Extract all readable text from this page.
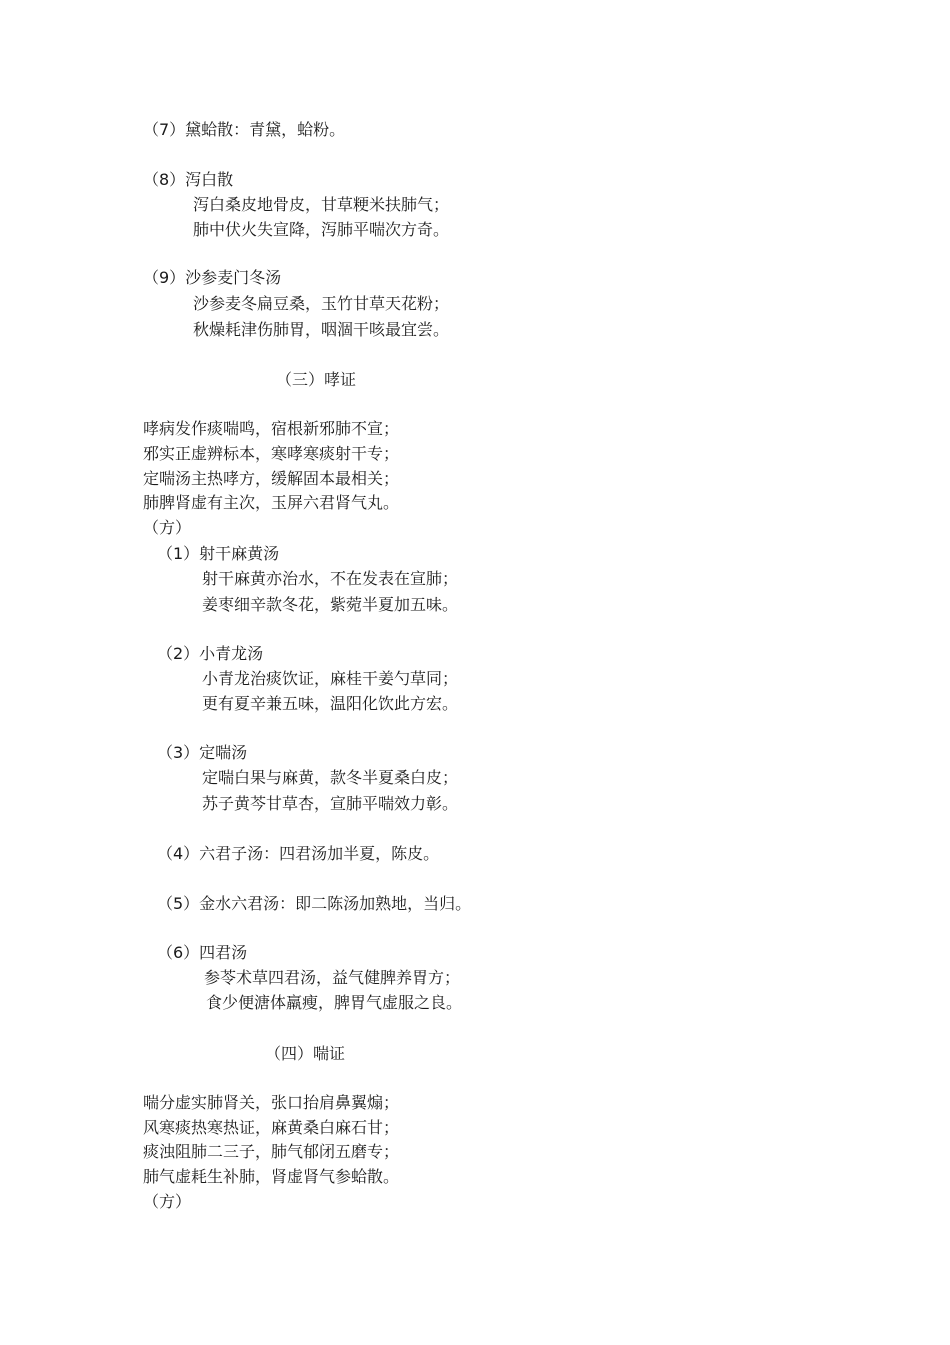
（7）黛蛤散：青黛，蛤粉。
（8）泻白散
泻白桑皮地骨皮，甘草粳米扶肺气；
肺中伏火失宣降，泻肺平喘次方奇。
（9）沙参麦门冬汤
沙参麦冬扁豆桑，玉竹甘草天花粉；
秋燥耗津伤肺胃，咽涸干咳最宜尝。
（三）哮证
哮病发作痰喘鸣，宿根新邪肺不宣；
邪实正虚辨标本，寒哮寒痰射干专；
定喘汤主热哮方，缓解固本最相关；
肺脾肾虚有主次，玉屏六君肾气丸。
（方）
（1）射干麻黄汤
射干麻黄亦治水，不在发表在宣肺；
姜枣细辛款冬花，紫菀半夏加五味。
（2）小青龙汤
小青龙治痰饮证，麻桂干姜勺草同；
更有夏辛兼五味，温阳化饮此方宏。
（3）定喘汤
定喘白果与麻黄，款冬半夏桑白皮；
苏子黄芩甘草杏，宣肺平喘效力彰。
（4）六君子汤：四君汤加半夏，陈皮。
（5）金水六君汤：即二陈汤加熟地，当归。
（6）四君汤
参苓术草四君汤，益气健脾养胃方；
食少便溏体羸瘦，脾胃气虚服之良。
（四）喘证
喘分虚实肺肾关，张口抬肩鼻翼煽；
风寒痰热寒热证，麻黄桑白麻石甘；
痰浊阻肺二三子，肺气郁闭五磨专；
肺气虚耗生补肺，肾虚肾气参蛤散。
（方）
